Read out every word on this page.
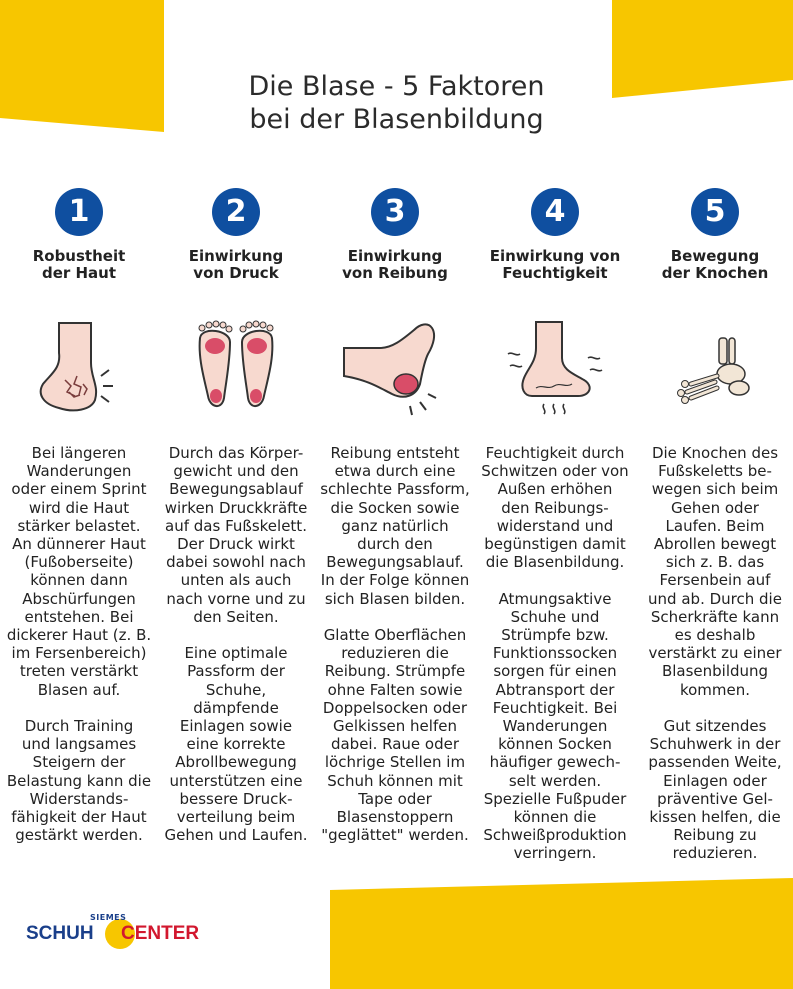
Die Blase - 5 Faktoren
bei der Blasenbildung
1
Robustheit
der Haut
Bei längeren
Wanderungen
oder einem Sprint
wird die Haut
stärker belastet.
An dünnerer Haut
(Fußoberseite)
können dann
Abschürfungen
entstehen. Bei
dickerer Haut (z. B.
im Fersenbereich)
treten verstärkt
Blasen auf.

Durch Training
und langsames
Steigern der
Belastung kann die
Widerstands-
fähigkeit der Haut
gestärkt werden.
2
Einwirkung
von Druck
Durch das Körper-
gewicht und den
Bewegungsablauf
wirken Druckkräfte
auf das Fußskelett.
Der Druck wirkt
dabei sowohl nach
unten als auch
nach vorne und zu
den Seiten.

Eine optimale
Passform der
Schuhe,
dämpfende
Einlagen sowie
eine korrekte
Abrollbewegung
unterstützen eine
bessere Druck-
verteilung beim
Gehen und Laufen.
3
Einwirkung
von Reibung
Reibung entsteht
etwa durch eine
schlechte Passform,
die Socken sowie
ganz natürlich
durch den
Bewegungsablauf.
In der Folge können
sich Blasen bilden.

Glatte Oberflächen
reduzieren die
Reibung. Strümpfe
ohne Falten sowie
Doppelsocken oder
Gelkissen helfen
dabei. Raue oder
löchrige Stellen im
Schuh können mit
Tape oder
Blasenstoppern
"geglättet" werden.
4
Einwirkung von
Feuchtigkeit
Feuchtigkeit durch
Schwitzen oder von
Außen erhöhen
den Reibungs-
widerstand und
begünstigen damit
die Blasenbildung.

Atmungsaktive
Schuhe und
Strümpfe bzw.
Funktionssocken
sorgen für einen
Abtransport der
Feuchtigkeit. Bei
Wanderungen
können Socken
häufiger gewech-
selt werden.
Spezielle Fußpuder
können die
Schweißproduktion
verringern.
5
Bewegung
der Knochen
Die Knochen des
Fußskeletts be-
wegen sich beim
Gehen oder
Laufen. Beim
Abrollen bewegt
sich z. B. das
Fersenbein auf
und ab. Durch die
Scherkräfte kann
es deshalb
verstärkt zu einer
Blasenbildung
kommen.

Gut sitzendes
Schuhwerk in der
passenden Weite,
Einlagen oder
präventive Gel-
kissen helfen, die
Reibung zu
reduzieren.
SIEMES
SCHUH CENTER
